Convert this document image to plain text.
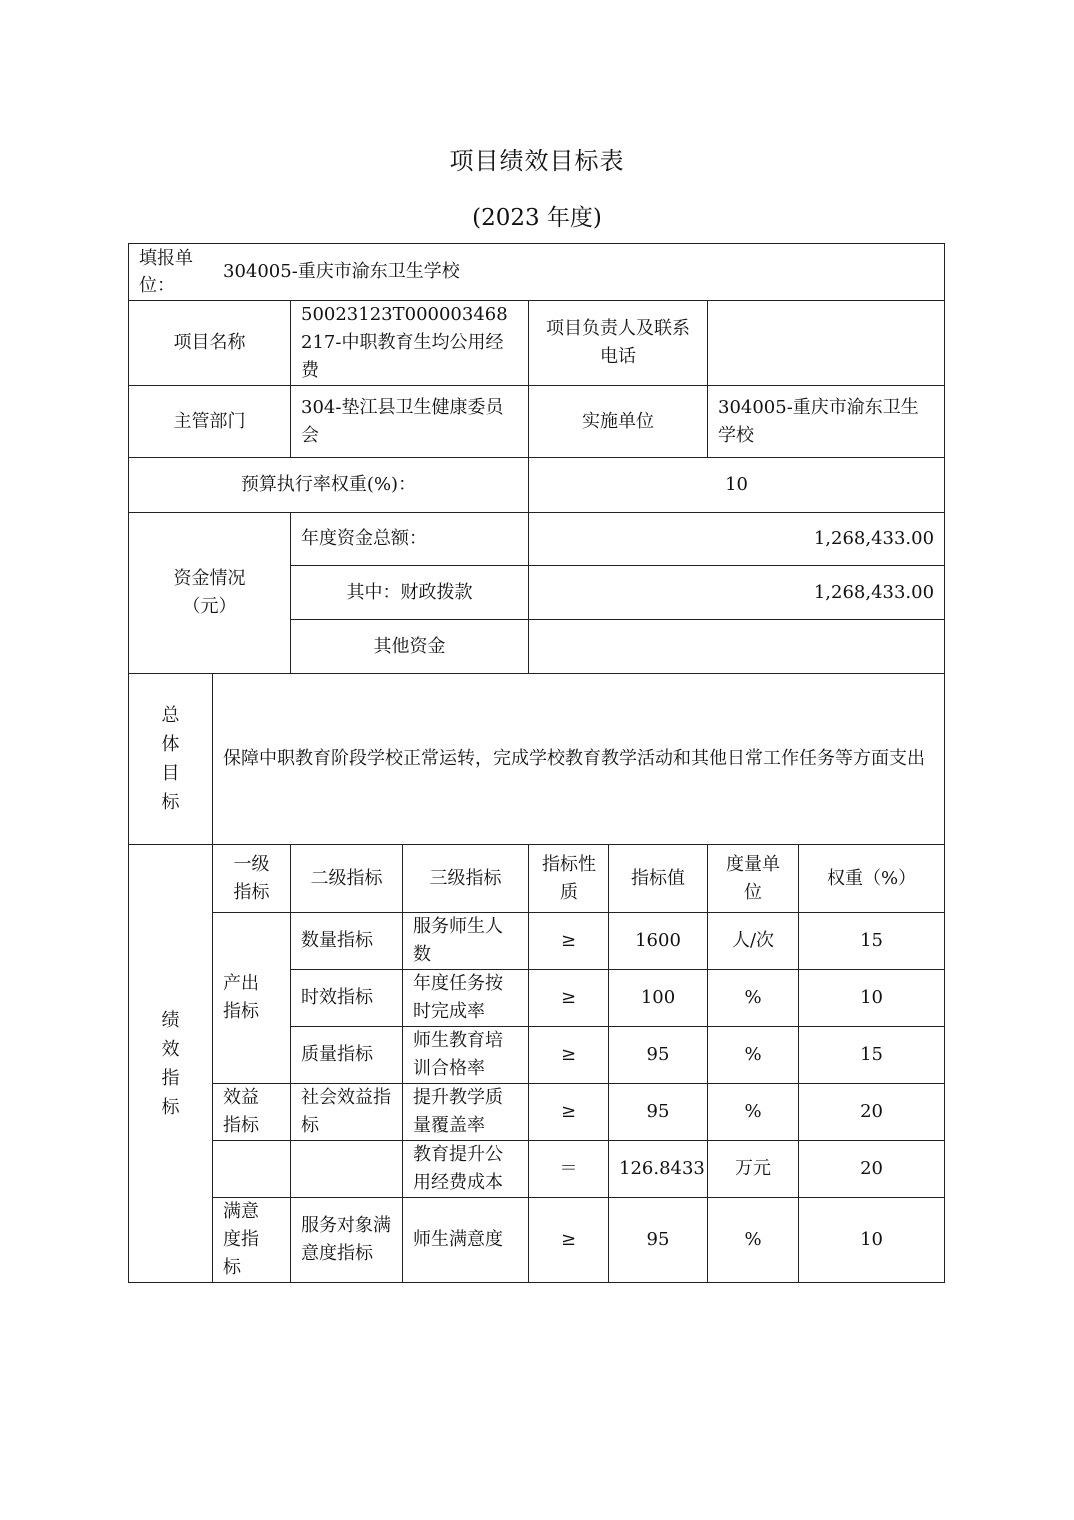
项目绩效目标表
(2023 年度)
填报单位：
304005-重庆市渝东卫生学校							

项目名称		50023123T000003468217-中职教育生均公用经费		项目负责人及联系电话			
主管部门		304-垫江县卫生健康委员会		实施单位		304005-重庆市渝东卫生学校	
预算执行率权重(%)：				10			

资金情况（元）		年度资金总额：		1,268,433.00			
		其中：财政拨款		1,268,433.00			
		其他资金					

总体目标	保障中职教育阶段学校正常运转，完成学校教育教学活动和其他日常工作任务等方面支出						

绩效指标	一级指标	二级指标	三级指标	指标性质	指标值	度量单位	权重（%）

	产出指标	数量指标	服务师生人数	≥	1600	人/次	15
		时效指标	年度任务按时完成率	≥	100	%	10
		质量指标	师生教育培训合格率	≥	95	%	15

	效益指标	社会效益指标	提升教学质量覆盖率	≥	95	%	20
			教育提升公用经费成本	＝	126.8433	万元	20

	满意度指标	服务对象满意度指标	师生满意度	≥	95	%	10
